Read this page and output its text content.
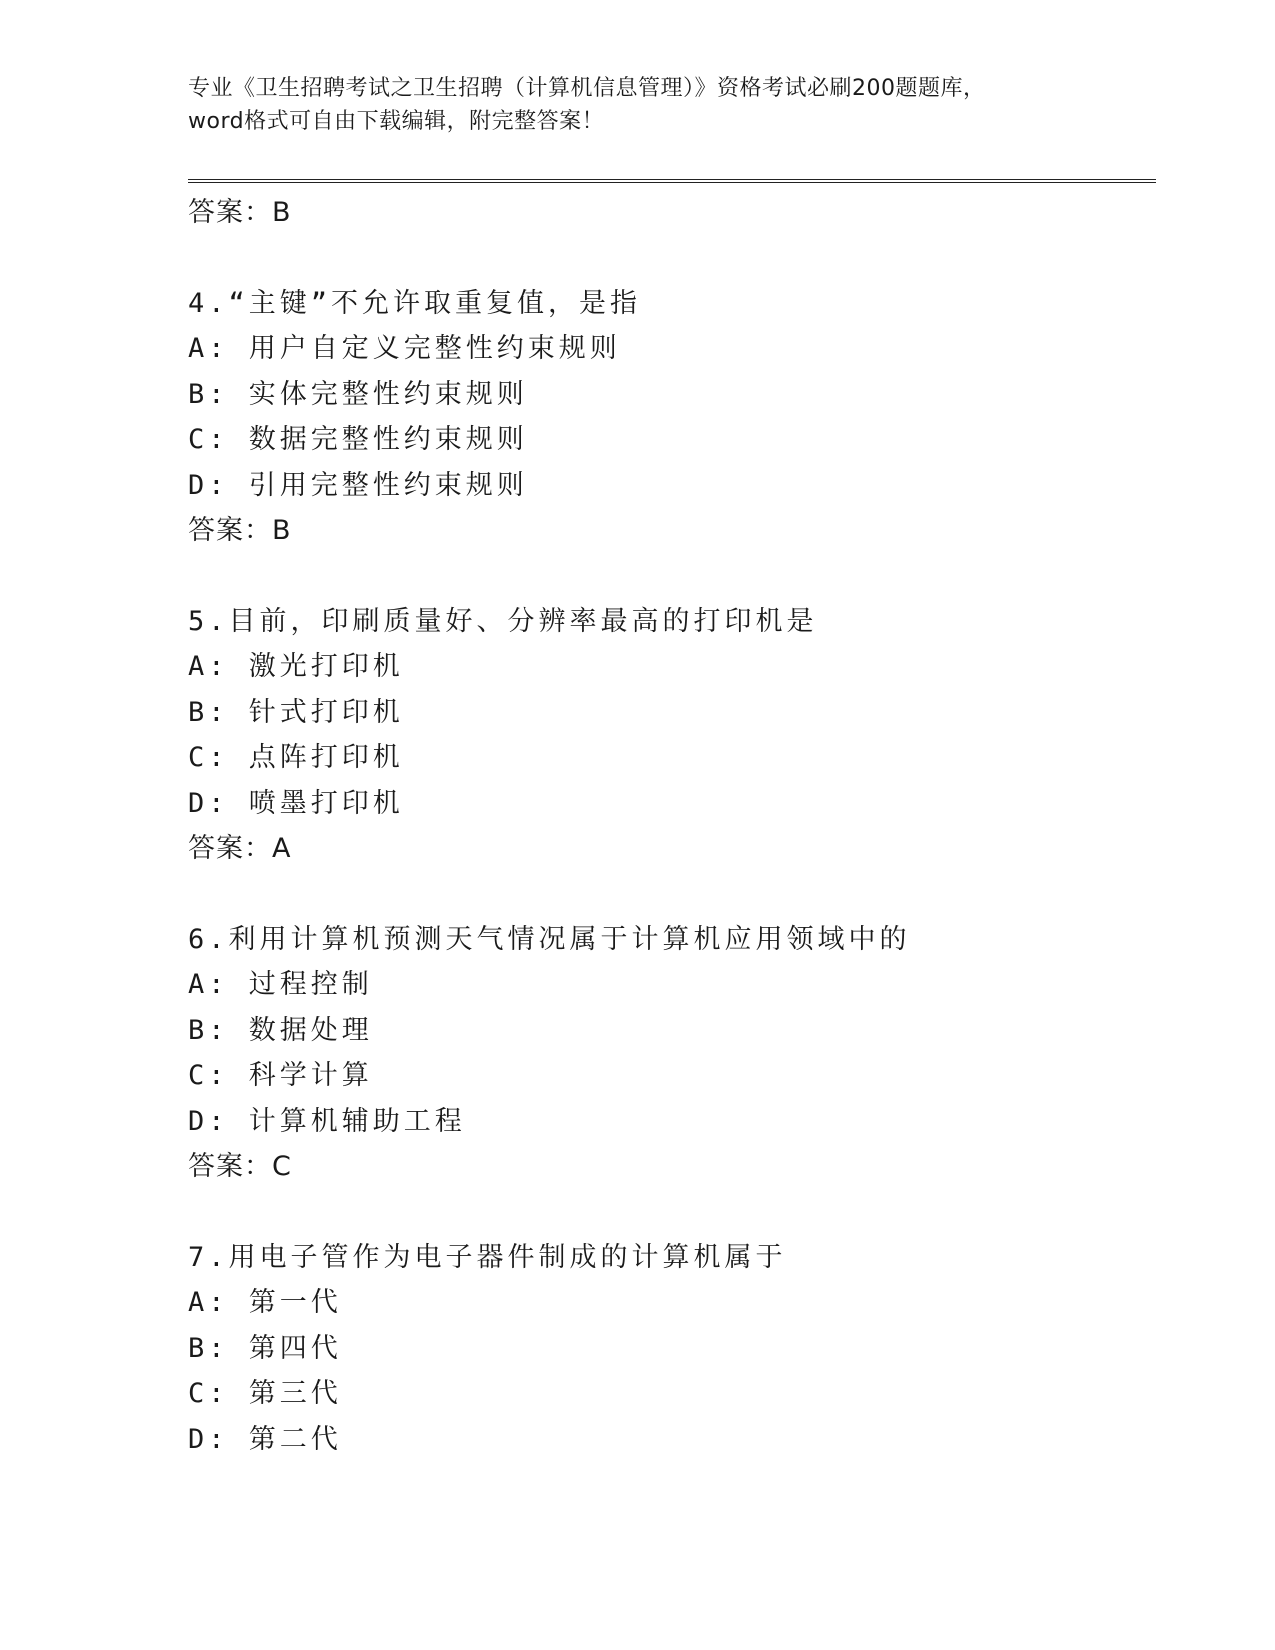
专业《卫生招聘考试之卫生招聘（计算机信息管理）》资格考试必刷200题题库，
word格式可自由下载编辑，附完整答案！
答案：B
4.“主键”不允许取重复值，是指
A: 用户自定义完整性约束规则
B: 实体完整性约束规则
C: 数据完整性约束规则
D: 引用完整性约束规则
答案：B
5.目前，印刷质量好、分辨率最高的打印机是
A: 激光打印机
B: 针式打印机
C: 点阵打印机
D: 喷墨打印机
答案：A
6.利用计算机预测天气情况属于计算机应用领域中的
A: 过程控制
B: 数据处理
C: 科学计算
D: 计算机辅助工程
答案：C
7.用电子管作为电子器件制成的计算机属于
A: 第一代
B: 第四代
C: 第三代
D: 第二代
